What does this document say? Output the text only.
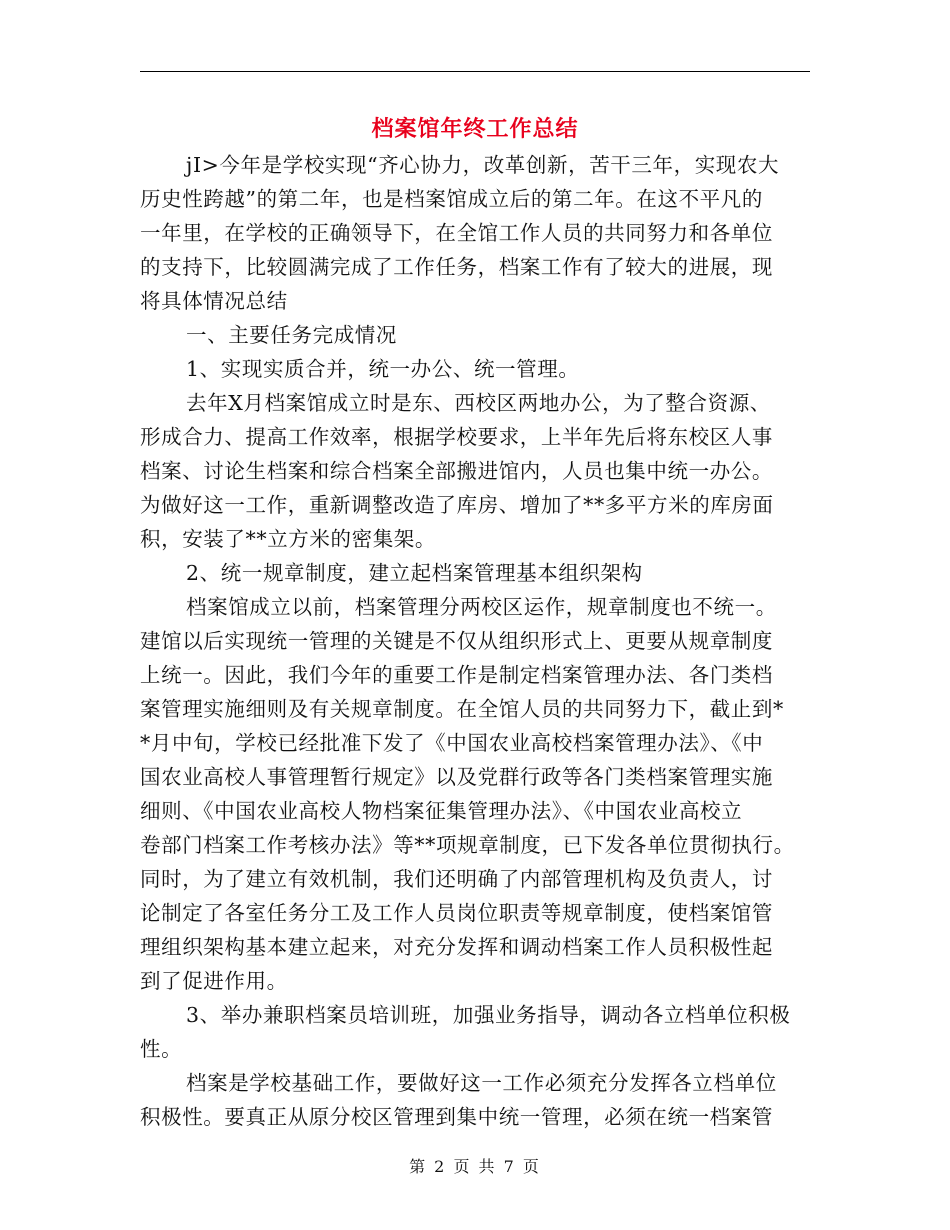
档案馆年终工作总结
jI>今年是学校实现“齐心协力，改革创新，苦干三年，实现农大
历史性跨越”的第二年，也是档案馆成立后的第二年。在这不平凡的
一年里，在学校的正确领导下，在全馆工作人员的共同努力和各单位
的支持下，比较圆满完成了工作任务，档案工作有了较大的进展，现
将具体情况总结
一、主要任务完成情况
1、实现实质合并，统一办公、统一管理。
去年X月档案馆成立时是东、西校区两地办公，为了整合资源、
形成合力、提高工作效率，根据学校要求，上半年先后将东校区人事
档案、讨论生档案和综合档案全部搬进馆内，人员也集中统一办公。
为做好这一工作，重新调整改造了库房、增加了**多平方米的库房面
积，安装了**立方米的密集架。
2、统一规章制度，建立起档案管理基本组织架构
档案馆成立以前，档案管理分两校区运作，规章制度也不统一。
建馆以后实现统一管理的关键是不仅从组织形式上、更要从规章制度
上统一。因此，我们今年的重要工作是制定档案管理办法、各门类档
案管理实施细则及有关规章制度。在全馆人员的共同努力下，截止到*
*月中旬，学校已经批准下发了《中国农业高校档案管理办法》、《中
国农业高校人事管理暂行规定》以及党群行政等各门类档案管理实施
细则、《中国农业高校人物档案征集管理办法》、《中国农业高校立
卷部门档案工作考核办法》等**项规章制度，已下发各单位贯彻执行。
同时，为了建立有效机制，我们还明确了内部管理机构及负责人，讨
论制定了各室任务分工及工作人员岗位职责等规章制度，使档案馆管
理组织架构基本建立起来，对充分发挥和调动档案工作人员积极性起
到了促进作用。
3、举办兼职档案员培训班，加强业务指导，调动各立档单位积极
性。
档案是学校基础工作，要做好这一工作必须充分发挥各立档单位
积极性。要真正从原分校区管理到集中统一管理，必须在统一档案管
第 2 页 共 7 页
